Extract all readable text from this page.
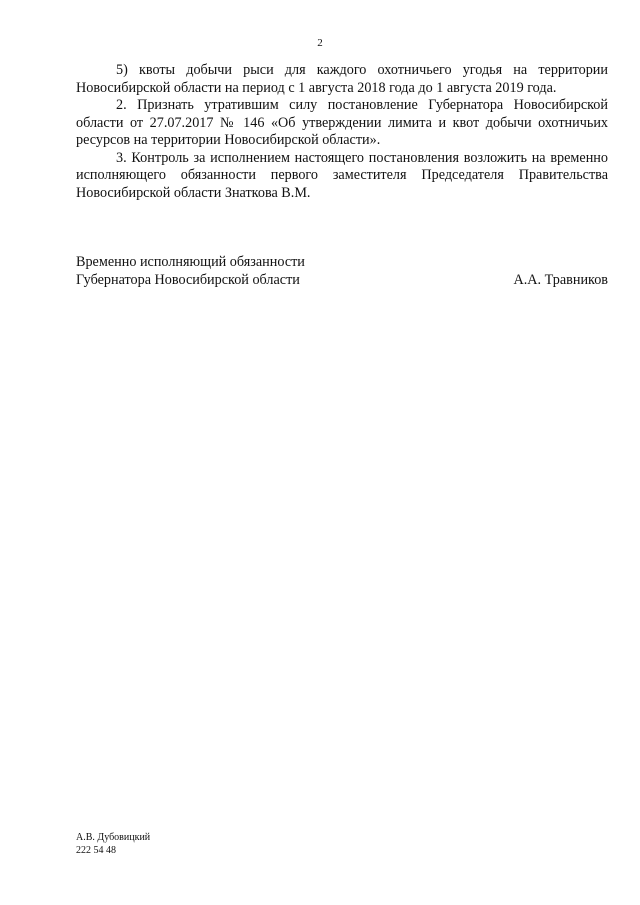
2

5) квоты добычи рыси для каждого охотничьего угодья на территории Новосибирской области на период с 1 августа 2018 года до 1 августа 2019 года.

2. Признать утратившим силу постановление Губернатора Новосибирской области от 27.07.2017 № 146 «Об утверждении лимита и квот добычи охотничьих ресурсов на территории Новосибирской области».

3. Контроль за исполнением настоящего постановления возложить на временно исполняющего обязанности первого заместителя Председателя Правительства Новосибирской области Знаткова В.М.

Временно исполняющий обязанности
Губернатора Новосибирской области	А.А. Травников
А.В. Дубовицкий
222 54 48
